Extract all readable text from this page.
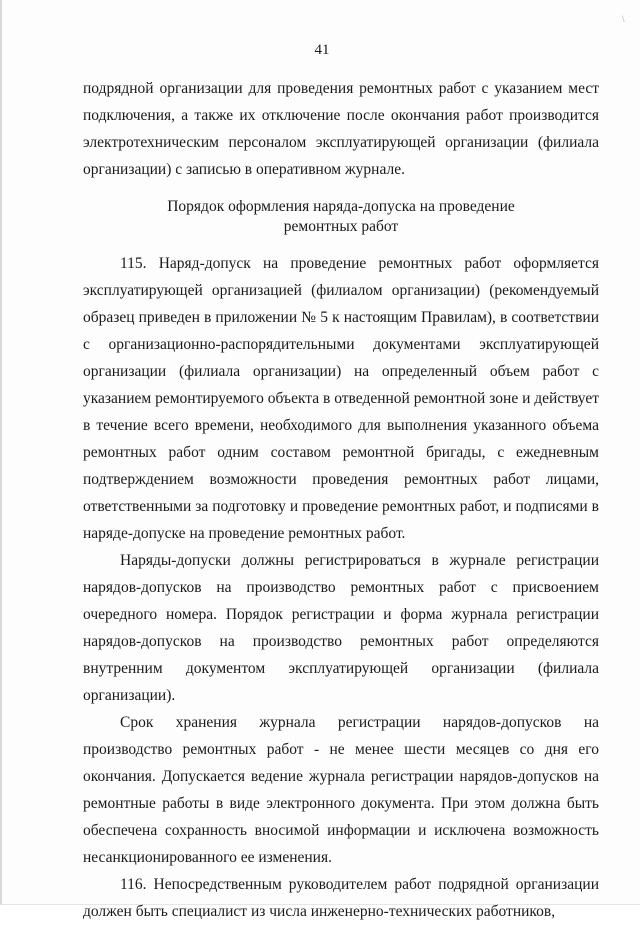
\
41

подрядной организации для проведения ремонтных работ с указанием мест подключения, а также их отключение после окончания работ производится электротехническим персоналом эксплуатирующей организации (филиала организации) с записью в оперативном журнале.

Порядок оформления наряда-допуска на проведение
ремонтных работ

115. Наряд-допуск на проведение ремонтных работ оформляется эксплуатирующей организацией (филиалом организации) (рекомендуемый образец приведен в приложении № 5 к настоящим Правилам), в соответствии с организационно-распорядительными документами эксплуатирующей организации (филиала организации) на определенный объем работ с указанием ремонтируемого объекта в отведенной ремонтной зоне и действует в течение всего времени, необходимого для выполнения указанного объема ремонтных работ одним составом ремонтной бригады, с ежедневным подтверждением возможности проведения ремонтных работ лицами, ответственными за подготовку и проведение ремонтных работ, и подписями в наряде-допуске на проведение ремонтных работ.

Наряды-допуски должны регистрироваться в журнале регистрации нарядов-допусков на производство ремонтных работ с присвоением очередного номера. Порядок регистрации и форма журнала регистрации нарядов-допусков на производство ремонтных работ определяются внутренним документом эксплуатирующей организации (филиала организации).

Срок хранения журнала регистрации нарядов-допусков на производство ремонтных работ - не менее шести месяцев со дня его окончания. Допускается ведение журнала регистрации нарядов-допусков на ремонтные работы в виде электронного документа. При этом должна быть обеспечена сохранность вносимой информации и исключена возможность несанкционированного ее изменения.

116. Непосредственным руководителем работ подрядной организации должен быть специалист из числа инженерно-технических работников,
